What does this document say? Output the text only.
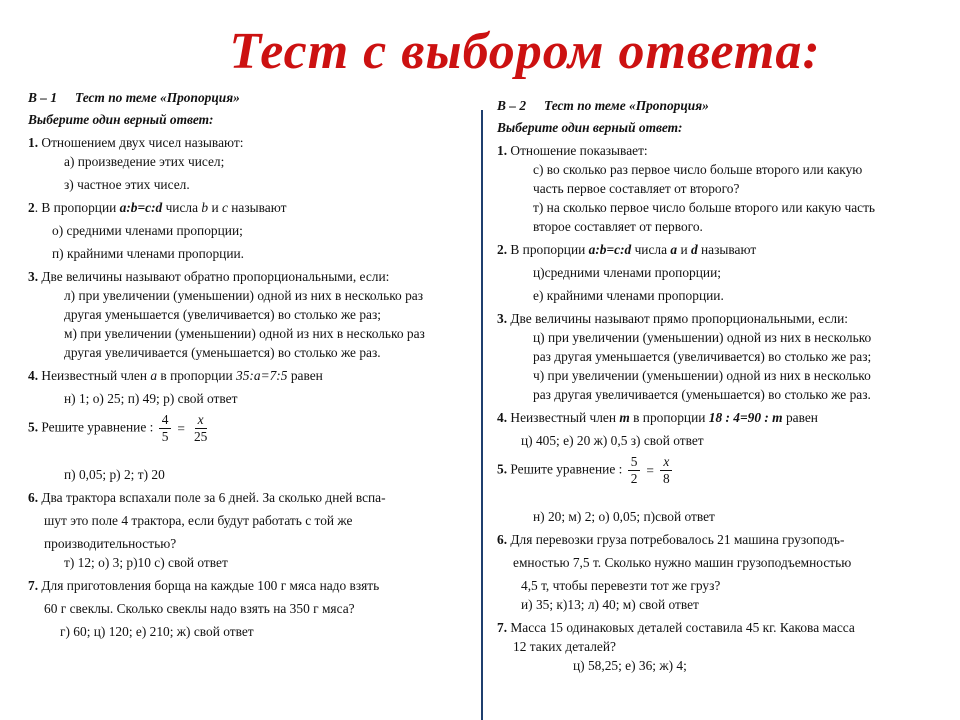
Тест с выбором ответа:
В – 1 Тест по теме «Пропорция»
Выберите один верный ответ:
1. Отношением двух чисел называют:
а) произведение этих чисел;
з) частное этих чисел.
2. В пропорции a:b=c:d числа b и c называют
о) средними членами пропорции;
п) крайними членами пропорции.
3. Две величины называют обратно пропорциональными, если:
л) при увеличении (уменьшении) одной из них в несколько раз
другая уменьшается (увеличивается) во столько же раз;
м) при увеличении (уменьшении) одной из них в несколько раз
другая увеличивается (уменьшается) во столько же раз.
4. Неизвестный член a в пропорции 35:a=7:5 равен
н) 1; о) 25; п) 49; р) свой ответ
5. Решите уравнение : $\frac{4}{5} = \frac{x}{25}$
п) 0,05; р) 2; т) 20
6. Два трактора вспахали поле за 6 дней. За сколько дней вспа-
шут это поле 4 трактора, если будут работать с той же
производительностью?
т) 12; о) 3; р)10 с) свой ответ
7. Для приготовления борща на каждые 100 г мяса надо взять
60 г свеклы. Сколько свеклы надо взять на 350 г мяса?
г) 60; ц) 120; е) 210; ж) свой ответ
В – 2 Тест по теме «Пропорция»
Выберите один верный ответ:
1. Отношение показывает:
с) во сколько раз первое число больше второго или какую
часть первое составляет от второго?
т) на сколько первое число больше второго или какую часть
второе составляет от первого.
2. В пропорции a:b=c:d числа a и d называют
ц)средними членами пропорции;
е) крайними членами пропорции.
3. Две величины называют прямо пропорциональными, если:
ц) при увеличении (уменьшении) одной из них в несколько
раз другая уменьшается (увеличивается) во столько же раз;
ч) при увеличении (уменьшении) одной из них в несколько
раз другая увеличивается (уменьшается) во столько же раз.
4. Неизвестный член m в пропорции 18 : 4=90 : m равен
ц) 405; е) 20 ж) 0,5 з) свой ответ
5. Решите уравнение : $\frac{5}{2} = \frac{x}{8}$
н) 20; м) 2; о) 0,05; п)свой ответ
6. Для перевозки груза потребовалось 21 машина грузоподъ-
емностью 7,5 т. Сколько нужно машин грузоподъемностью
4,5 т, чтобы перевезти тот же груз?
и) 35; к)13; л) 40; м) свой ответ
7. Масса 15 одинаковых деталей составила 45 кг. Какова масса
12 таких деталей?
ц) 58,25; е) 36; ж) 4;
